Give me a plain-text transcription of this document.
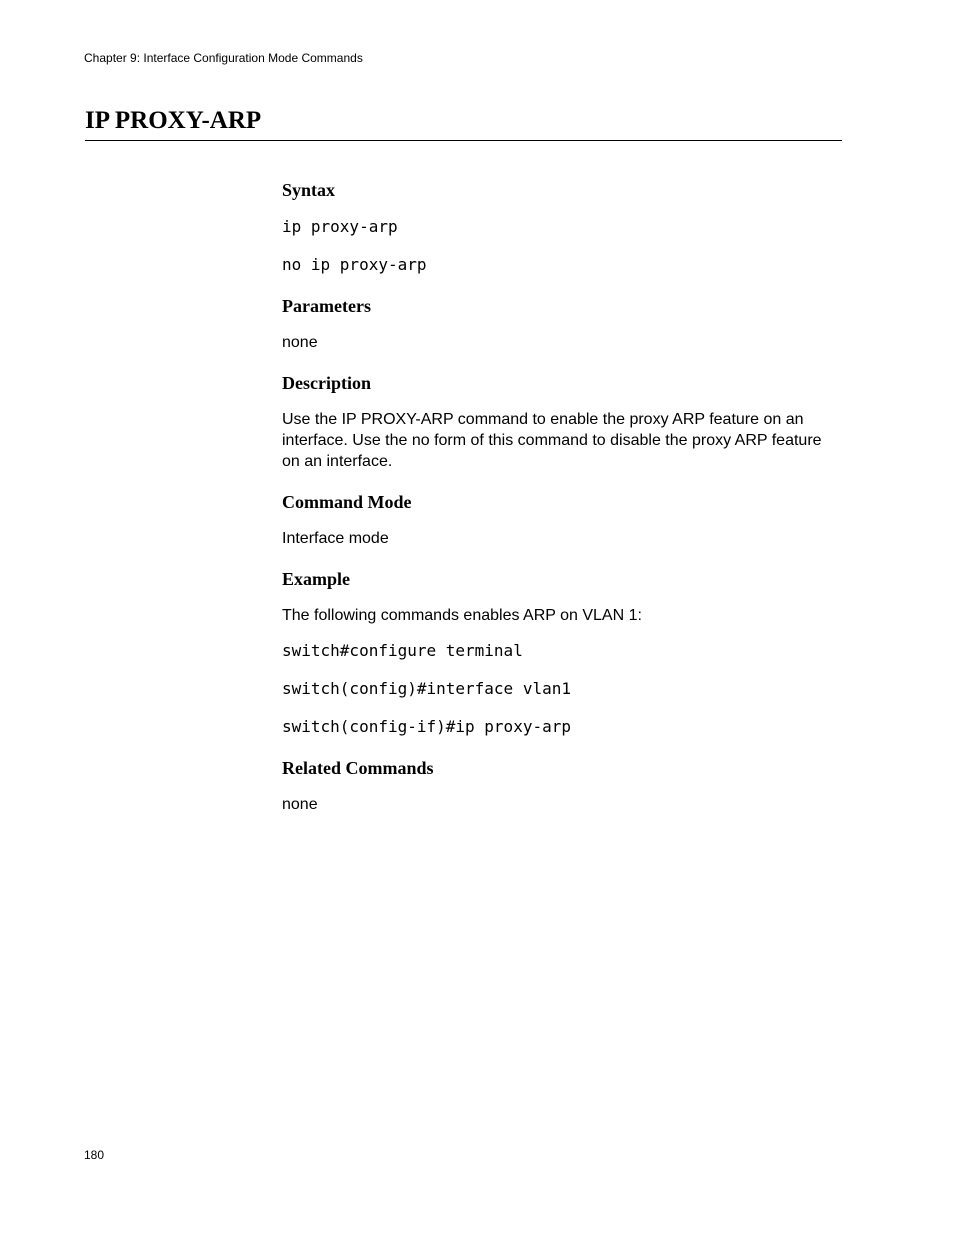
Chapter 9: Interface Configuration Mode Commands
IP PROXY-ARP
Syntax

ip proxy-arp

no ip proxy-arp

Parameters

none

Description

Use the IP PROXY-ARP command to enable the proxy ARP feature on an interface. Use the no form of this command to disable the proxy ARP feature on an interface.

Command Mode

Interface mode

Example

The following commands enables ARP on VLAN 1:

switch#configure terminal

switch(config)#interface vlan1

switch(config-if)#ip proxy-arp

Related Commands

none

180
